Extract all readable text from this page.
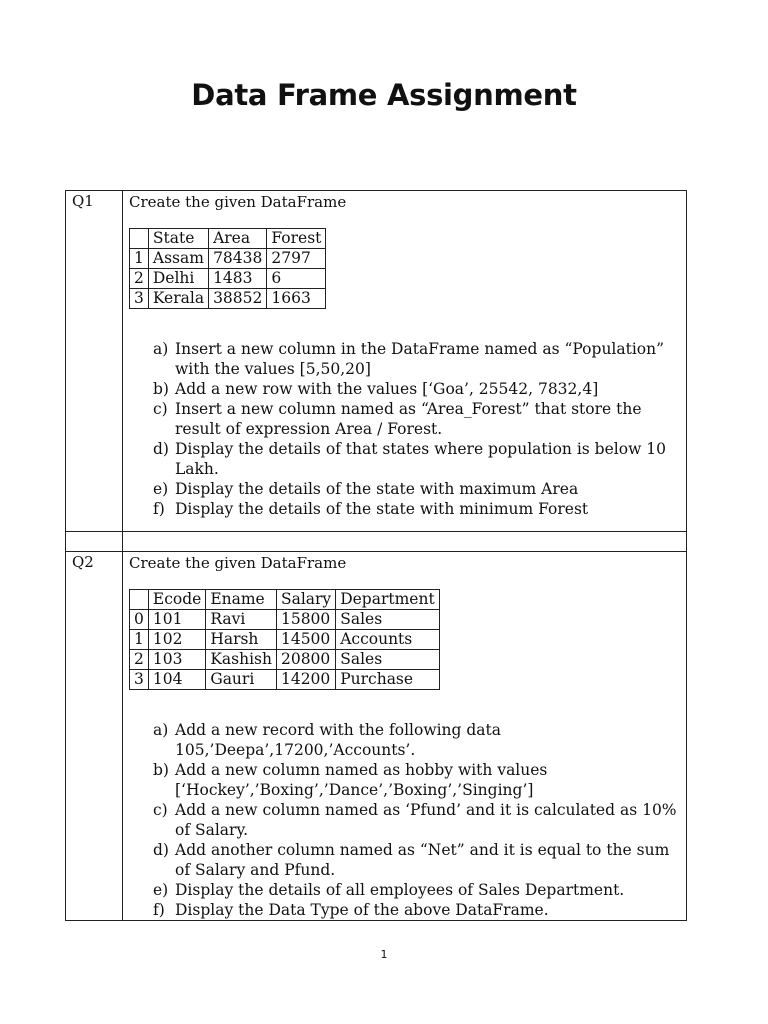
Data Frame Assignment
Q1	Create the given DataFrame
	State	Area	Forest
1	Assam	78438	2797
2	Delhi	1483	6
3	Kerala	38852	1663
a) Insert a new column in the DataFrame named as “Population” with the values [5,50,20]
b) Add a new row with the values [‘Goa’, 25542, 7832,4]
c) Insert a new column named as “Area_Forest” that store the result of expression Area / Forest.
d) Display the details of that states where population is below 10 Lakh.
e) Display the details of the state with maximum Area
f) Display the details of the state with minimum Forest

Q2	Create the given DataFrame
	Ecode	Ename	Salary	Department
0	101	Ravi	15800	Sales
1	102	Harsh	14500	Accounts
2	103	Kashish	20800	Sales
3	104	Gauri	14200	Purchase
a) Add a new record with the following data 105,’Deepa’,17200,’Accounts’.
b) Add a new column named as hobby with values [‘Hockey’,’Boxing’,’Dance’,’Boxing’,’Singing’]
c) Add a new column named as ‘Pfund’ and it is calculated as 10% of Salary.
d) Add another column named as “Net” and it is equal to the sum of Salary and Pfund.
e) Display the details of all employees of Sales Department.
f) Display the Data Type of the above DataFrame.
1
